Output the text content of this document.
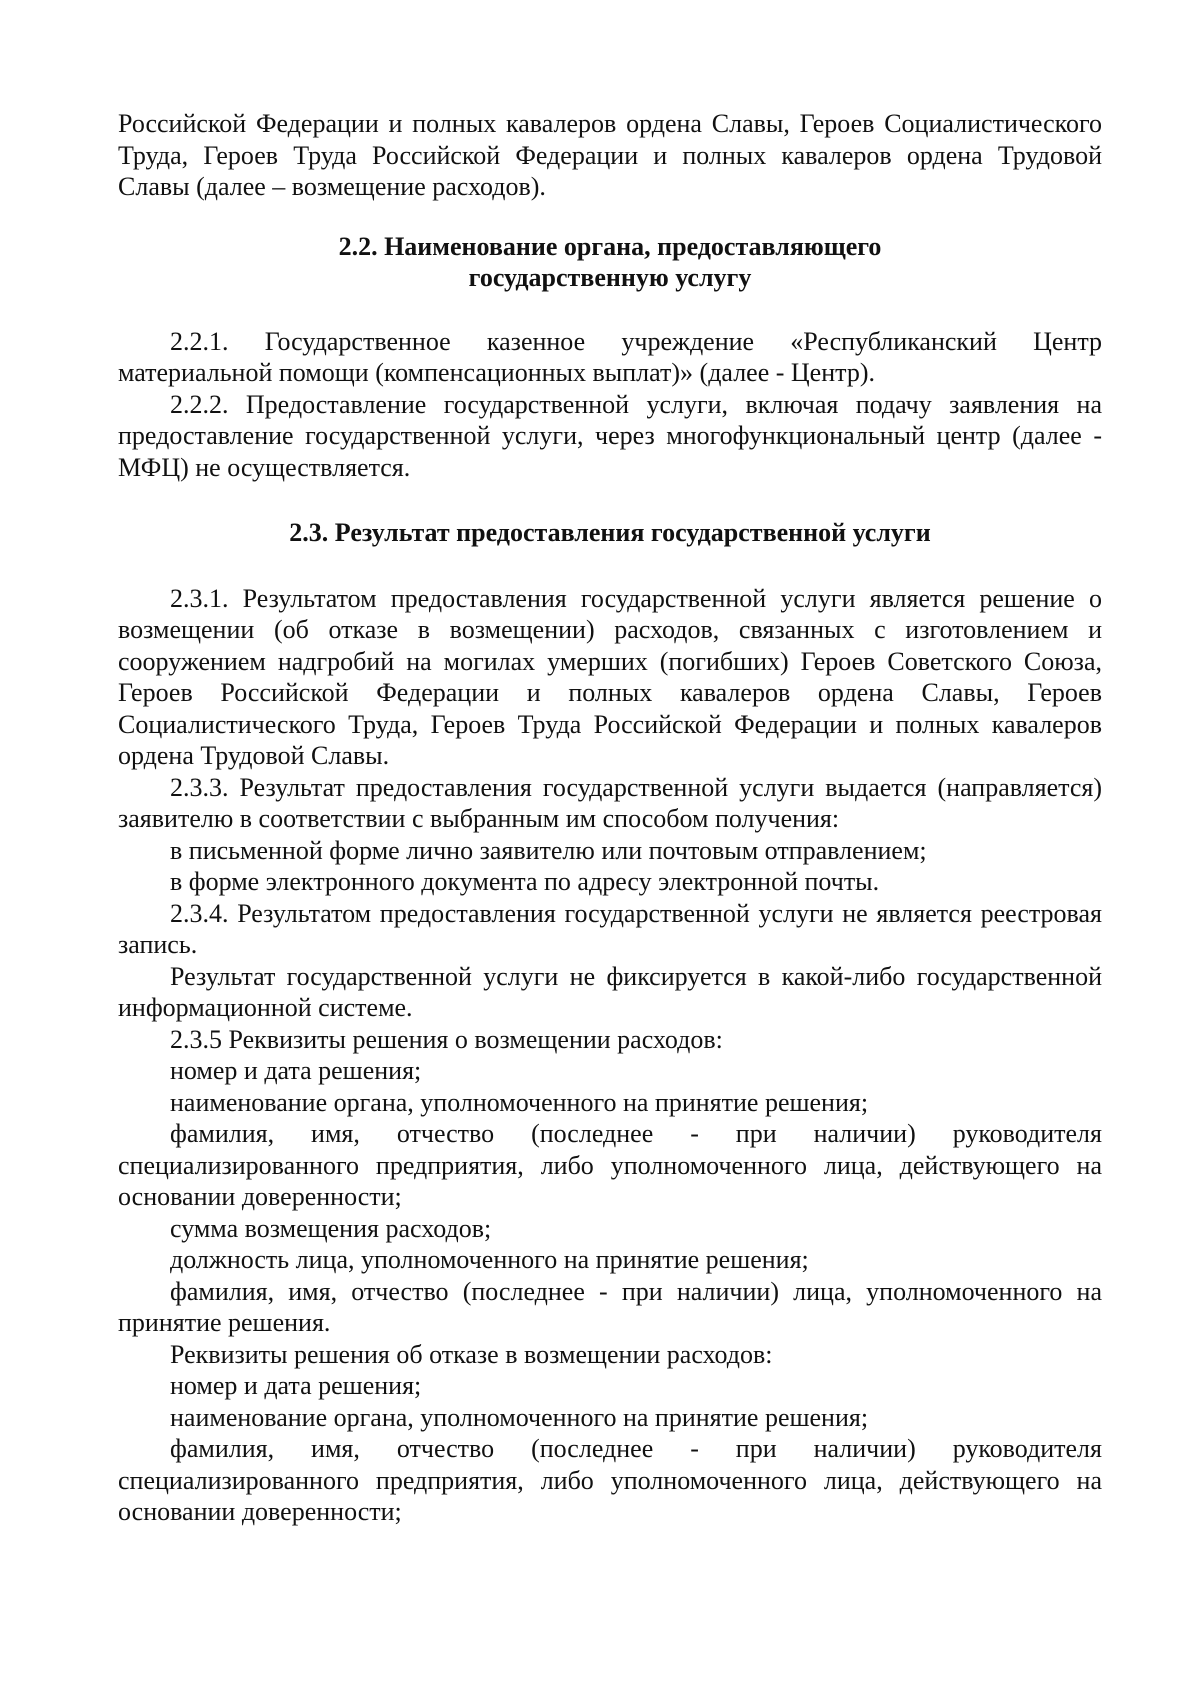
Российской Федерации и полных кавалеров ордена Славы, Героев Социалистического Труда, Героев Труда Российской Федерации и полных кавалеров ордена Трудовой Славы (далее – возмещение расходов).

2.2. Наименование органа, предоставляющего
государственную услугу

2.2.1. Государственное казенное учреждение «Республиканский Центр материальной помощи (компенсационных выплат)» (далее - Центр).

2.2.2. Предоставление государственной услуги, включая подачу заявления на предоставление государственной услуги, через многофункциональный центр (далее - МФЦ) не осуществляется.

2.3. Результат предоставления государственной услуги

2.3.1. Результатом предоставления государственной услуги является решение о возмещении (об отказе в возмещении) расходов, связанных с изготовлением и сооружением надгробий на могилах умерших (погибших) Героев Советского Союза, Героев Российской Федерации и полных кавалеров ордена Славы, Героев Социалистического Труда, Героев Труда Российской Федерации и полных кавалеров ордена Трудовой Славы.

2.3.3. Результат предоставления государственной услуги выдается (направляется) заявителю в соответствии с выбранным им способом получения:

в письменной форме лично заявителю или почтовым отправлением;

в форме электронного документа по адресу электронной почты.

2.3.4. Результатом предоставления государственной услуги не является реестровая запись.

Результат государственной услуги не фиксируется в какой-либо государственной информационной системе.

2.3.5 Реквизиты решения о возмещении расходов:

номер и дата решения;

наименование органа, уполномоченного на принятие решения;

фамилия, имя, отчество (последнее - при наличии) руководителя специализированного предприятия, либо уполномоченного лица, действующего на основании доверенности;

сумма возмещения расходов;

должность лица, уполномоченного на принятие решения;

фамилия, имя, отчество (последнее - при наличии) лица, уполномоченного на принятие решения.

Реквизиты решения об отказе в возмещении расходов:

номер и дата решения;

наименование органа, уполномоченного на принятие решения;

фамилия, имя, отчество (последнее - при наличии) руководителя специализированного предприятия, либо уполномоченного лица, действующего на основании доверенности;
